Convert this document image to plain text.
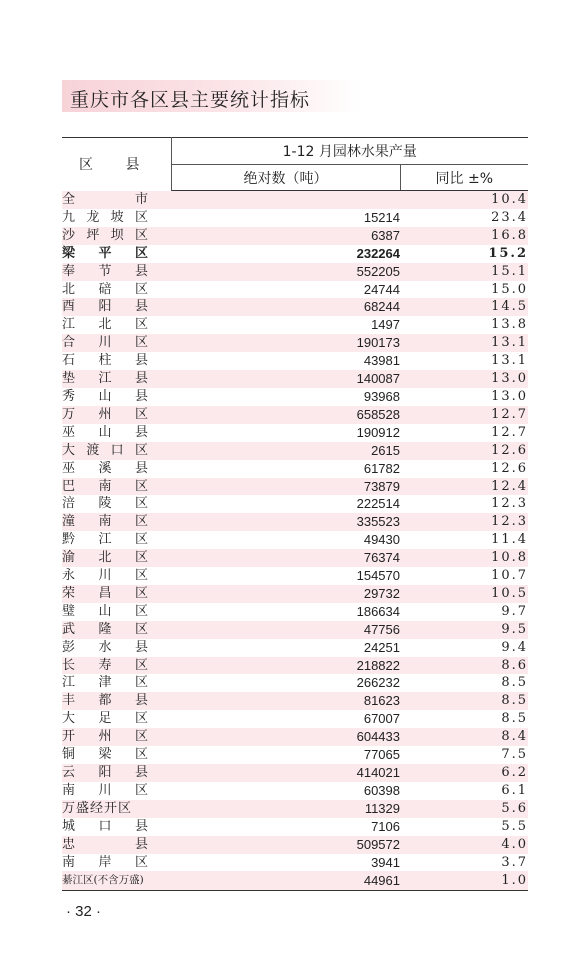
重庆市各区县主要统计指标
区 县	1-12 月园林水果产量	
	绝对数（吨）	同比 ±%
全市		10.4
九龙坡区	15214	23.4
沙坪坝区	6387	16.8
梁平区	232264	15.2
奉节县	552205	15.1
北碚区	24744	15.0
酉阳县	68244	14.5
江北区	1497	13.8
合川区	190173	13.1
石柱县	43981	13.1
垫江县	140087	13.0
秀山县	93968	13.0
万州区	658528	12.7
巫山县	190912	12.7
大渡口区	2615	12.6
巫溪县	61782	12.6
巴南区	73879	12.4
涪陵区	222514	12.3
潼南区	335523	12.3
黔江区	49430	11.4
渝北区	76374	10.8
永川区	154570	10.7
荣昌区	29732	10.5
璧山区	186634	9.7
武隆区	47756	9.5
彭水县	24251	9.4
长寿区	218822	8.6
江津区	266232	8.5
丰都县	81623	8.5
大足区	67007	8.5
开州区	604433	8.4
铜梁区	77065	7.5
云阳县	414021	6.2
南川区	60398	6.1
万盛经开区	11329	5.6
城口县	7106	5.5
忠县	509572	4.0
南岸区	3941	3.7
綦江区(不含万盛)	44961	1.0
· 32 ·
